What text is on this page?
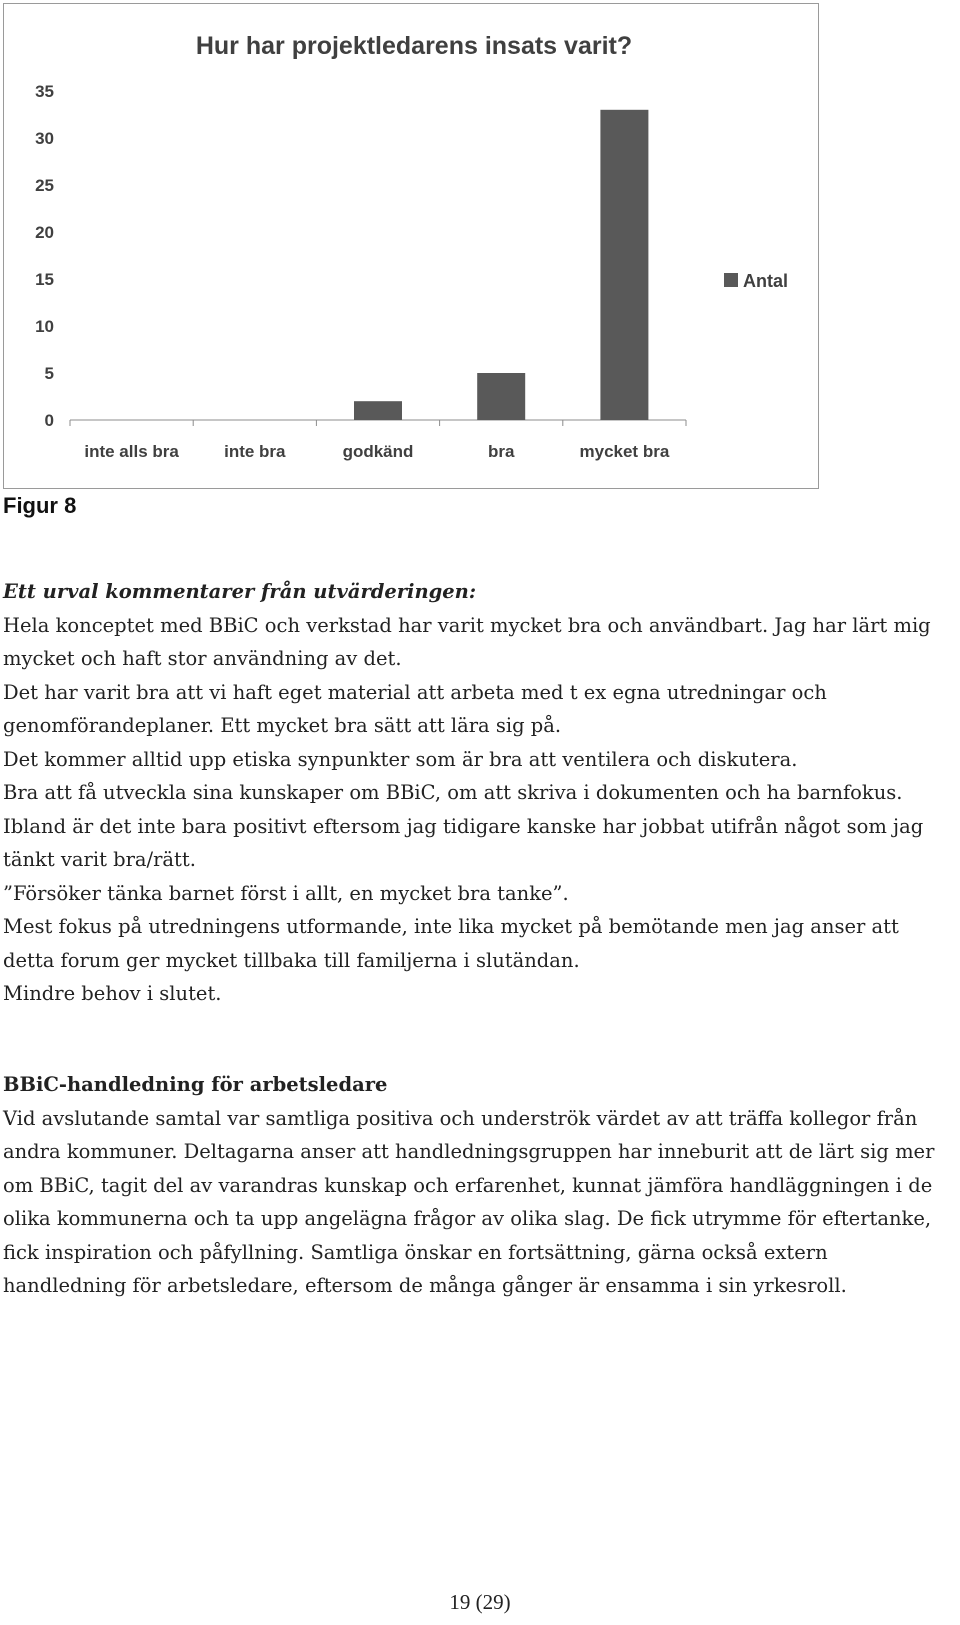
Hur har projektledarens insats varit?
35
30
25
20
15
10
5
0
inte alls bra	inte bra	godkänd	bra	mycket bra
Antal
Figur 8

Ett urval kommentarer från utvärderingen:

Hela konceptet med BBiC och verkstad har varit mycket bra och användbart. Jag har lärt mig mycket och haft stor användning av det.

Det har varit bra att vi haft eget material att arbeta med t ex egna utredningar och genomförandeplaner. Ett mycket bra sätt att lära sig på.

Det kommer alltid upp etiska synpunkter som är bra att ventilera och diskutera.

Bra att få utveckla sina kunskaper om BBiC, om att skriva i dokumenten och ha barnfokus.

Ibland är det inte bara positivt eftersom jag tidigare kanske har jobbat utifrån något som jag tänkt varit bra/rätt.

”Försöker tänka barnet först i allt, en mycket bra tanke”.

Mest fokus på utredningens utformande, inte lika mycket på bemötande men jag anser att detta forum ger mycket tillbaka till familjerna i slutändan.

Mindre behov i slutet.

BBiC-handledning för arbetsledare

Vid avslutande samtal var samtliga positiva och underströk värdet av att träffa kollegor från andra kommuner. Deltagarna anser att handledningsgruppen har inneburit att de lärt sig mer om BBiC, tagit del av varandras kunskap och erfarenhet, kunnat jämföra handläggningen i de olika kommunerna och ta upp angelägna frågor av olika slag. De fick utrymme för eftertanke, fick inspiration och påfyllning. Samtliga önskar en fortsättning, gärna också extern handledning för arbetsledare, eftersom de många gånger är ensamma i sin yrkesroll.

19 (29)
